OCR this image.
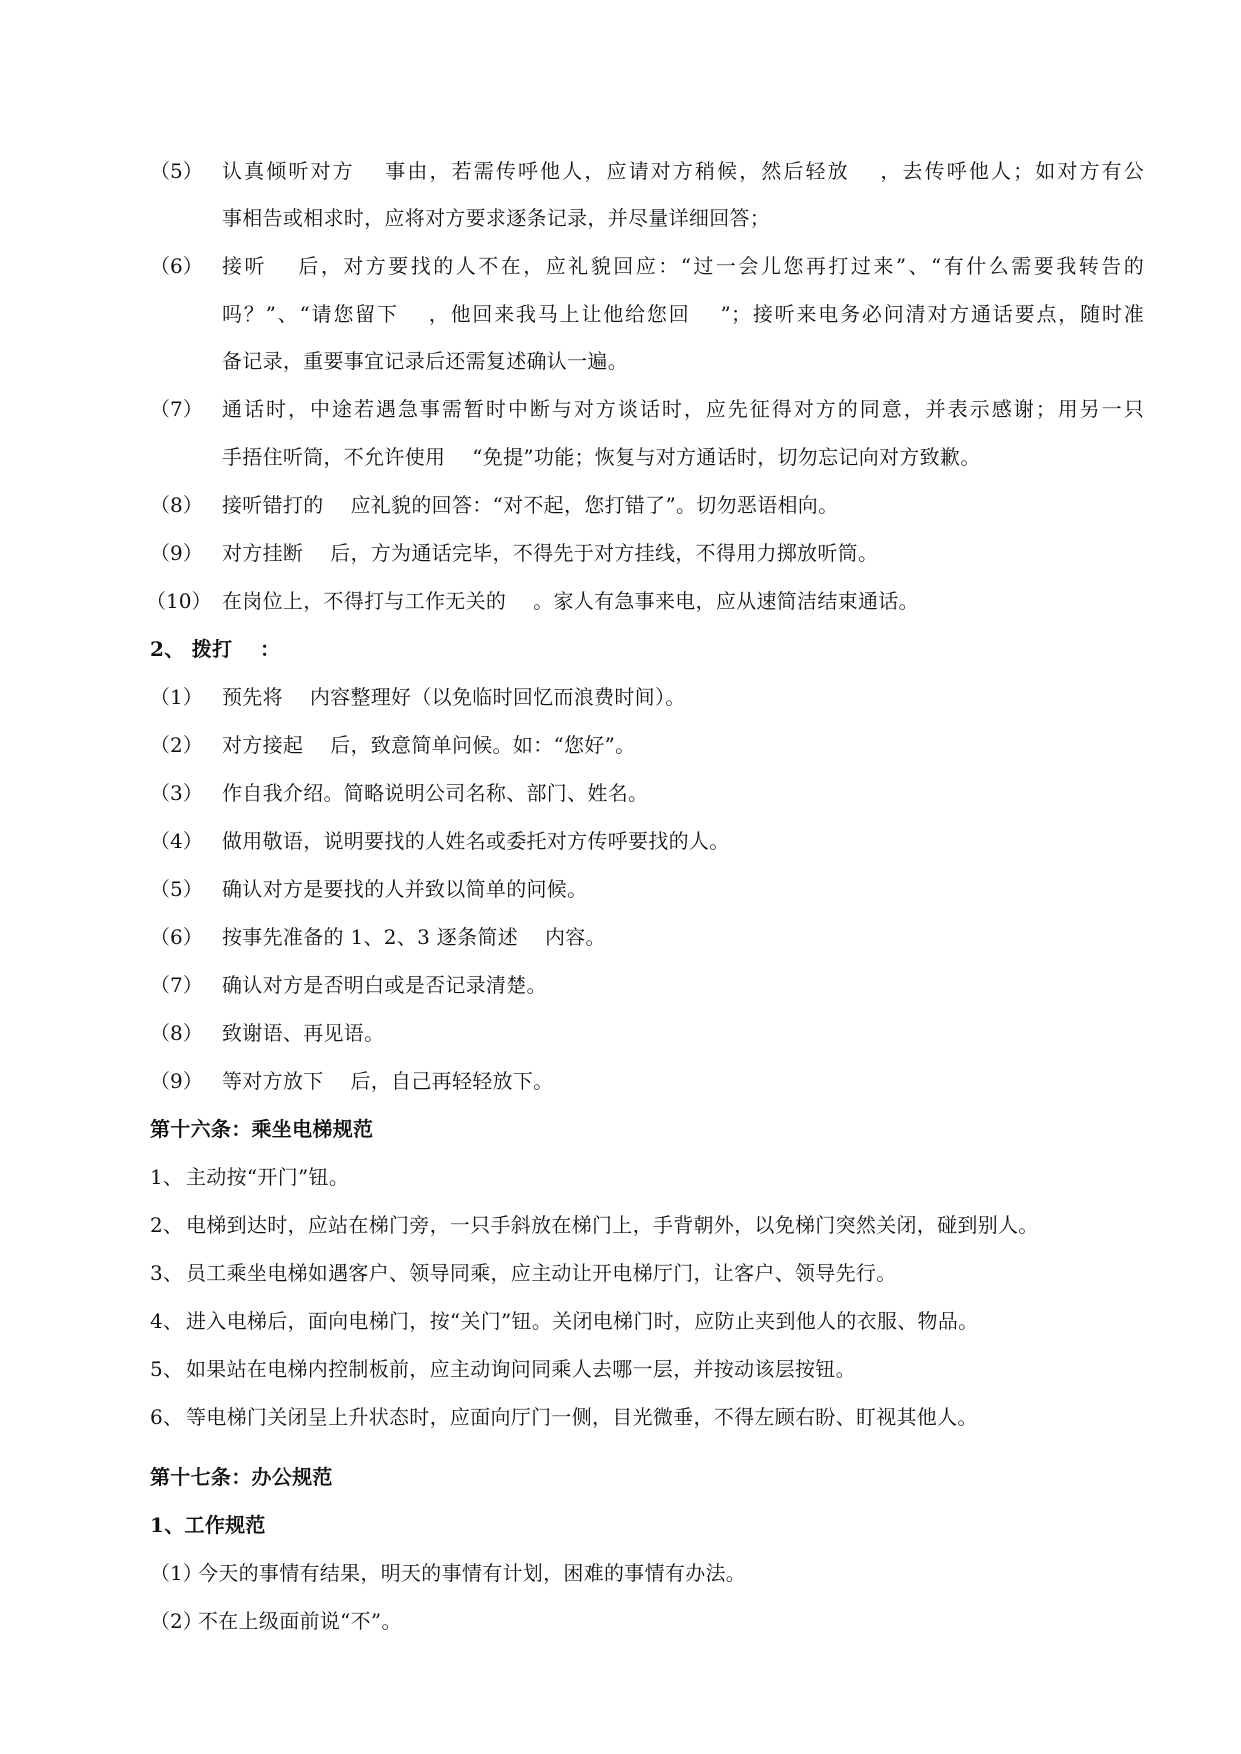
（5） 认真倾听对方　 事由，若需传呼他人，应请对方稍候，然后轻放　 ，去传呼他人；如对方有公
事相告或相求时，应将对方要求逐条记录，并尽量详细回答；
（6） 接听　 后，对方要找的人不在，应礼貌回应：“过一会儿您再打过来”、“有什么需要我转告的
吗？”、“请您留下　 ，他回来我马上让他给您回　 ”；接听来电务必问清对方通话要点，随时准
备记录，重要事宜记录后还需复述确认一遍。
（7） 通话时，中途若遇急事需暂时中断与对方谈话时，应先征得对方的同意，并表示感谢；用另一只
手捂住听筒，不允许使用　 “免提”功能；恢复与对方通话时，切勿忘记向对方致歉。
（8） 接听错打的　 应礼貌的回答：“对不起，您打错了”。切勿恶语相向。
（9） 对方挂断　 后，方为通话完毕，不得先于对方挂线，不得用力掷放听筒。
（10） 在岗位上，不得打与工作无关的　 。家人有急事来电，应从速简洁结束通话。
2、 拨打　 ：
（1） 预先将　 内容整理好（以免临时回忆而浪费时间）。
（2） 对方接起　 后，致意简单问候。如：“您好”。
（3） 作自我介绍。简略说明公司名称、部门、姓名。
（4） 做用敬语，说明要找的人姓名或委托对方传呼要找的人。
（5） 确认对方是要找的人并致以简单的问候。
（6） 按事先准备的 1、2、3 逐条简述　 内容。
（7） 确认对方是否明白或是否记录清楚。
（8） 致谢语、再见语。
（9） 等对方放下　 后，自己再轻轻放下。
第十六条：乘坐电梯规范
1、 主动按“开门”钮。
2、 电梯到达时，应站在梯门旁，一只手斜放在梯门上，手背朝外，以免梯门突然关闭，碰到别人。
3、 员工乘坐电梯如遇客户、领导同乘，应主动让开电梯厅门，让客户、领导先行。
4、 进入电梯后，面向电梯门，按“关门”钮。关闭电梯门时，应防止夹到他人的衣服、物品。
5、 如果站在电梯内控制板前，应主动询问同乘人去哪一层，并按动该层按钮。
6、 等电梯门关闭呈上升状态时，应面向厅门一侧，目光微垂，不得左顾右盼、盯视其他人。
第十七条：办公规范
1、工作规范
（1）
今天的事情有结果，明天的事情有计划，困难的事情有办法。
（2）
不在上级面前说“不”。
